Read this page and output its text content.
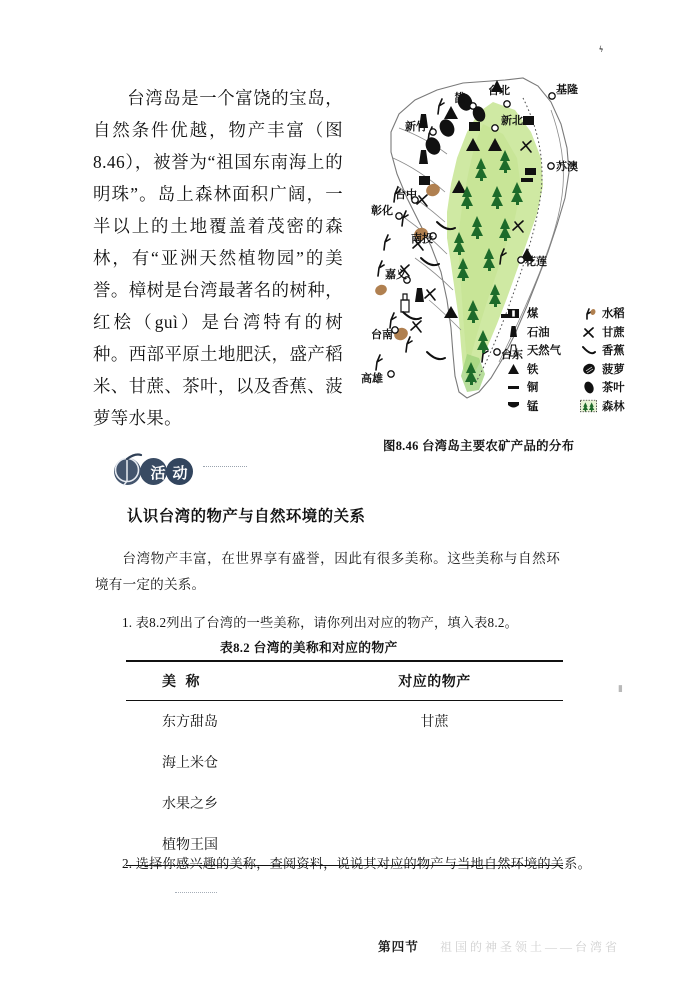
ϟ
台湾岛是一个富饶的宝岛，自然条件优越，物产丰富（图8.46），被誉为“祖国东南海上的明珠”。岛上森林面积广阔，一半以上的土地覆盖着茂密的森林，有“亚洲天然植物园”的美誉。樟树是台湾最著名的树种，红桧（guì）是台湾特有的树种。西部平原土地肥沃，盛产稻米、甘蔗、茶叶，以及香蕉、菠萝等水果。
基隆
台北
新北
新竹
苏澳
台中
彰化
南投
花莲
嘉义
台南
台东
高雄
煤
石油
天然气
铁
铜
锰
水稻
甘蔗
香蕉
菠萝
茶叶
森林
图8.46 台湾岛主要农矿产品的分布
活动
认识台湾的物产与自然环境的关系
台湾物产丰富，在世界享有盛誉，因此有很多美称。这些美称与自然环境有一定的关系。
1. 表8.2列出了台湾的一些美称，请你列出对应的物产，填入表8.2。
表8.2 台湾的美称和对应的物产
美 称	对应的物产
东方甜岛	甘蔗
海上米仓
水果之乡
植物王国
▮
2. 选择你感兴趣的美称，查阅资料，说说其对应的物产与当地自然环境的关系。
第四节 祖国的神圣领土——台湾省
